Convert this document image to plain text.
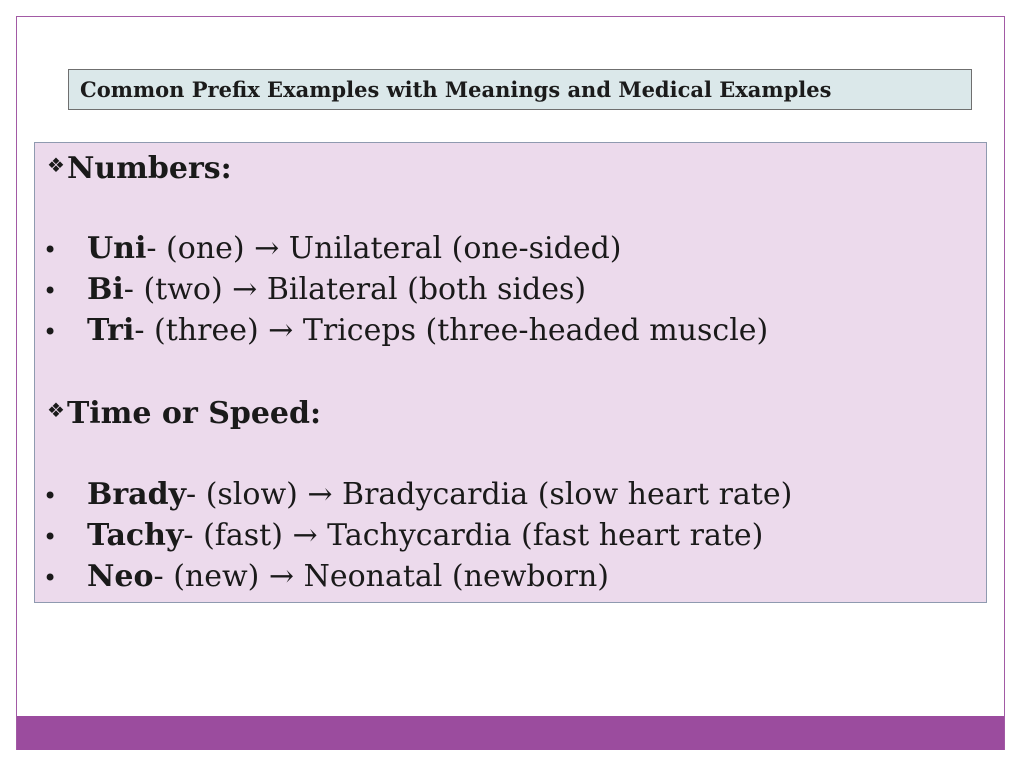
Common Prefix Examples with Meanings and Medical Examples
❖ Numbers:
• Uni - (one) → Unilateral (one-sided)
• Bi - (two) → Bilateral (both sides)
• Tri - (three) → Triceps (three-headed muscle)
❖ Time or Speed:
• Brady - (slow) → Bradycardia (slow heart rate)
• Tachy - (fast) → Tachycardia (fast heart rate)
• Neo - (new) → Neonatal (newborn)
